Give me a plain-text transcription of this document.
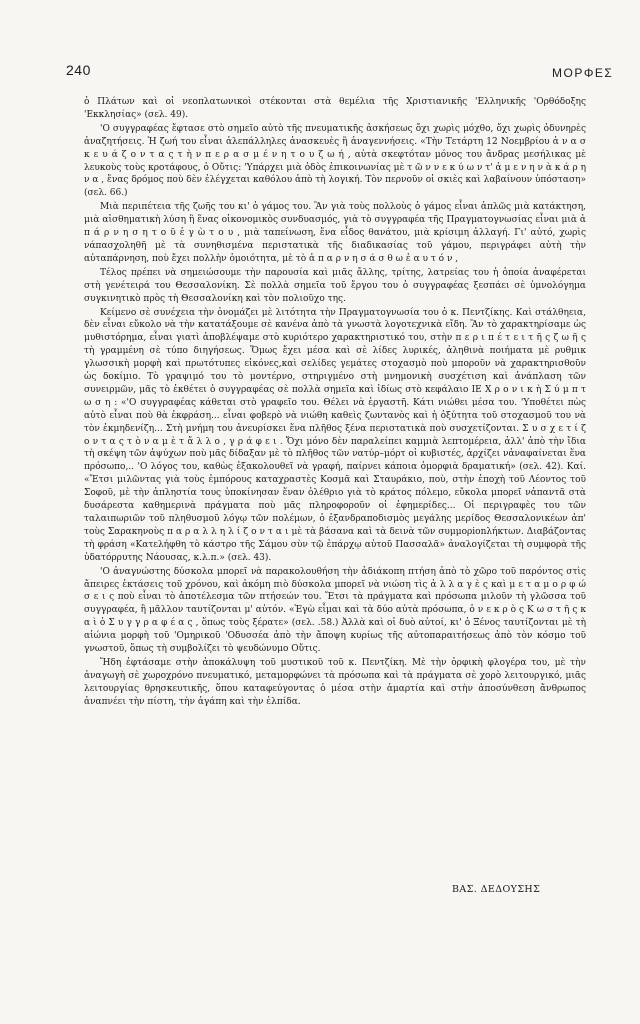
240	ΜΟΡΦΕΣ

ὁ Πλάτων καὶ οἱ νεοπλατωνικοὶ στέκονται στὰ θεμέλια τῆς Χριστιανικῆς 'Ελληνικῆς 'Ορθόδοξης 'Εκκλησίας» (σελ. 49).

'Ο συγγραφέας ἔφτασε στὸ σημεῖο αὐτὸ τῆς πνευματικῆς ἀσκήσεως ὄχι χωρὶς μόχθο, ὄχι χωρὶς ὀδυνηρὲς ἀναζητήσεις. Ἡ ζωή του εἶναι ἀλεπάλληλες ἀνασκευὲς ἢ ἀναγεννήσεις. «Τὴν Τετάρτη 12 Νοεμβρίου ἀ ν α σ κ ε υ ά ζ ο ν τ α ς τ ὴ ν π ε ρ α σ μ έ ν η τ ο υ ζ ω ή , αὐτὰ σκεφτόταν μόνος του ἄνδρας μεσήλικας μὲ λευκοὺς τοὺς κροτάφους, ὁ Οὔτις: 'Υπάρχει μιὰ ὁδὸς ἐπικοινωνίας μὲ τ ῶ ν ν ε κ ύ ω ν τ' ἀ μ ε ν η ν ὰ κ ά ρ η ν α , ἕνας δρόμος ποὺ δὲν ἐλέγχεται καθόλου ἀπὸ τὴ λογική. Τὸν περνοῦν οἱ σκιὲς καὶ λαβαίνουν ὑπόσταση» (σελ. 66.)

Μιὰ περιπέτεια τῆς ζωῆς του κι' ὁ γάμος του. Ἂν γιὰ τοὺς πολλοὺς ὁ γάμος εἶναι ἁπλῶς μιὰ κατάκτηση, μιὰ αἰσθηματικὴ λύση ἢ ἕνας οἰκονομικὸς συνδυασμός, γιὰ τὸ συγγραφέα τῆς Πραγματογνωσίας εἶναι μιὰ ἀ π ά ρ ν η σ η τ ο ῦ ἐ γ ὼ τ ο υ , μιὰ ταπείνωση, ἕνα εἶδος θανάτου, μιὰ κρίσιμη ἀλλαγή. Γι' αὐτό, χωρὶς νάπασχοληθῆ μὲ τὰ συνηθισμένα περιστατικὰ τῆς διαδικασίας τοῦ γάμου, περιγράφει αὐτὴ τὴν αὐταπάρνηση, ποὺ ἔχει πολλὴν ὁμοιότητα, μὲ τὸ ἀ π α ρ ν η σ ά σ θ ω ἑ α υ τ ό ν ,

Τέλος πρέπει νὰ σημειώσουμε τὴν παρουσία καὶ μιᾶς ἄλλης, τρίτης, λατρείας του ἡ ὁποία ἀναφέρεται στὴ γενέτειρά του Θεσσαλονίκη. Σὲ πολλὰ σημεῖα τοῦ ἔργου του ὁ συγγραφέας ξεσπάει σὲ ὑμνολόγημα συγκινητικὸ πρὸς τὴ Θεσσαλονίκη καὶ τὸν πολιοῦχο της.

Κείμενο σὲ συνέχεια τὴν ὀνομάζει μὲ λιτότητα τὴν Πραγματογνωσία του ὁ κ. Πεντζίκης. Καὶ στάλθηεια, δὲν εἶναι εὔκολο νὰ τὴν κατατάξουμε σὲ κανένα ἀπὸ τὰ γνωστὰ λογοτεχνικὰ εἴδη. Ἂν τὸ χαρακτηρίσαμε ὡς μυθιστόρημα, εἶναι γιατὶ ἀποβλέψαμε στὸ κυριότερο χαρακτηριστικό του, στὴν π ε ρ ι π έ τ ε ι τ ῆ ς ζ ω ῆ ς τὴ γραμμένη σὲ τύπο διηγήσεως. Ὅμως ἔχει μέσα καὶ σὲ λίδες λυρικές, ἀληθινὰ ποιήματα μὲ ρυθμικ γλωσσικὴ μορφὴ καὶ πρωτότυπες εἰκόνες,καὶ σελίδες γεμάτες στοχασμὸ ποὺ μποροῦν νὰ χαρακτηρισθοῦν ὡς δοκίμιο. Τὸ γραψιμό του τὸ μοντέρνο, στηριγμένο στὴ μνημονικὴ συσχέτιση καὶ ἀνάπλαση τῶν συνειρμῶν, μᾶς τὸ ἐκθέτει ὁ συγγραφέας σὲ πολλὰ σημεῖα καὶ ἰδίως στὸ κεφάλαιο ΙΕ Χ ρ ο ν ι κ ὴ Σ ύ μ π τ ω σ η : «'Ο συγγραφέας κάθεται στὸ γραφεῖο του. Θέλει νὰ ἐργαστῆ. Κάτι νιώθει μέσα του. 'Υποθέτει πὼς αὐτὸ εἶναι ποὺ θὰ ἐκφράση... εἶναι φοβερὸ νὰ νιώθη καθεὶς ζωντανὸς καὶ ἡ ὀξύτητα τοῦ στοχασμοῦ του νὰ τὸν ἐκμηδενίζη... Στὴ μνήμη του ἀνευρίσκει ἕνα πλῆθος ξένα περιστατικὰ ποὺ συσχετίζονται. Σ υ σ χ ε τ ί ζ ο ν τ α ς τ ὸ ν α μ ὲ τ ἄ λ λ ο , γ ρ ά φ ε ι . Ὄχι μόνο δὲν παραλείπει καμμιὰ λεπτομέρεια, ἀλλ' ἀπὸ τὴν ἴδια τὴ σκέψη τῶν ἀψύχων ποὺ μᾶς δίδαξαν μὲ τὸ πλῆθος τῶν νατύρ–μόρτ οἱ κυβιστές, ἀρχίζει νἀναφαίνεται ἕνα πρόσωπο,.. 'Ο λόγος του, καθὼς ἐξακολουθεῖ νὰ γραφή, παίρνει κάποια ὁμορφιὰ δραματική» (σελ. 42). Καί. «Ἔτσι μιλῶντας γιὰ τοὺς ἐμπόρους καταχραστὲς Κοσμᾶ καὶ Σταυράκιο, ποὺ, στὴν ἐποχὴ τοῦ Λέοντος τοῦ Σοφοῦ, μὲ τὴν ἀπληστία τους ὑποκίνησαν ἕναν ὀλέθριο γιὰ τὸ κράτος πόλεμο, εὔκολα μπορεῖ νἀπαντᾶ στὰ δυσάρεστα καθημερινὰ πράγματα ποὺ μᾶς πληροφοροῦν οἱ ἐφημερίδες... Οἱ περιγραφὲς του τῶν ταλαιπωριῶν τοῦ πληθυσμοῦ λόγῳ τῶν πολέμων, ὁ ἐξανδραποδισμὸς μεγάλης μερίδος Θεσσαλονικέων ἀπ' τοὺς Σαρακηνοὺς π α ρ α λ λ η λ ί ζ ο ν τ α ι μὲ τὰ βάσανα καὶ τὰ δεινὰ τῶν συμμορionλήκτων. Διαβάζοντας τὴ φράση «Κατελήφθη τὸ κάστρο τῆς Σάμου σὺν τῷ ἐπάρχῳ αὐτοῦ Πασσαλᾶ» ἀναλογίζεται τὴ συμφορὰ τῆς ὑδατόρρυτης Νάουσας, κ.λ.π.» (σελ. 43).

'Ο ἀναγνώστης δύσκολα μπορεῖ νὰ παρακολουθήση τὴν ἀδιάκοπη πτήση ἀπὸ τὸ χῶρο τοῦ παρόντος στὶς ἄπειρες ἐκτάσεις τοῦ χρόνου, καὶ ἀκόμη πιὸ δύσκολα μπορεῖ νὰ νιώση τὶς ἀ λ λ α γ ὲ ς καὶ μ ε τ α μ ο ρ φ ώ σ ε ι ς ποὺ εἶναι τὸ ἀποτέλεσμα τῶν πτήσεών του. Ἔτσι τὰ πράγματα καὶ πρόσωπα μιλοῦν τὴ γλῶσσα τοῦ συγγραφέα, ἢ μᾶλλον ταυτίζονται μ' αὐτόν. «Ἐγὼ εἶμαι καὶ τὰ δύο αὐτὰ πρόσωπα, ὁ ν ε κ ρ ὸ ς Κ ω σ τ ῆ ς κ α ὶ ὁ Σ υ γ γ ρ α φ έ α ς , ὅπως τοὺς ξέρατε» (σελ. .58.) Ἀλλὰ καὶ οἱ δυὸ αὐτοί, κι' ὁ Ξένος ταυτίζονται μὲ τὴ αἰώνια μορφὴ τοῦ 'Ομηρικοῦ 'Οδυσσέα ἀπὸ τὴν ἄποψη κυρίως τῆς αὐτοπαραιτήσεως ἀπὸ τὸν κόσμο τοῦ γνωστοῦ, ὅπως τὴ συμβολίζει τὸ ψευδώνυμο Οὔτις.

Ἤδη ἐφτάσαμε στὴν ἀποκάλυψη τοῦ μυστικοῦ τοῦ κ. Πεντζίκη. Μὲ τὴν ὀρφικὴ φλογέρα του, μὲ τὴν ἀναγωγὴ σὲ χωροχρόνο πνευματικό, μεταμορφώνει τὰ πρόσωπα καὶ τὰ πράγματα σὲ χορὸ λειτουργικό, μιᾶς λειτουργίας θρησκευτικῆς, ὅπου καταφεύγοντας ὁ μέσα στὴν ἁμαρτία καὶ στὴν ἀποσύνθεση ἄνθρωπος ἀναπνέει τὴν πίστη, τὴν ἀγάπη καὶ τὴν ἐλπίδα.

ΒΑΣ. ΔΕΔΟΥΣΗΣ
